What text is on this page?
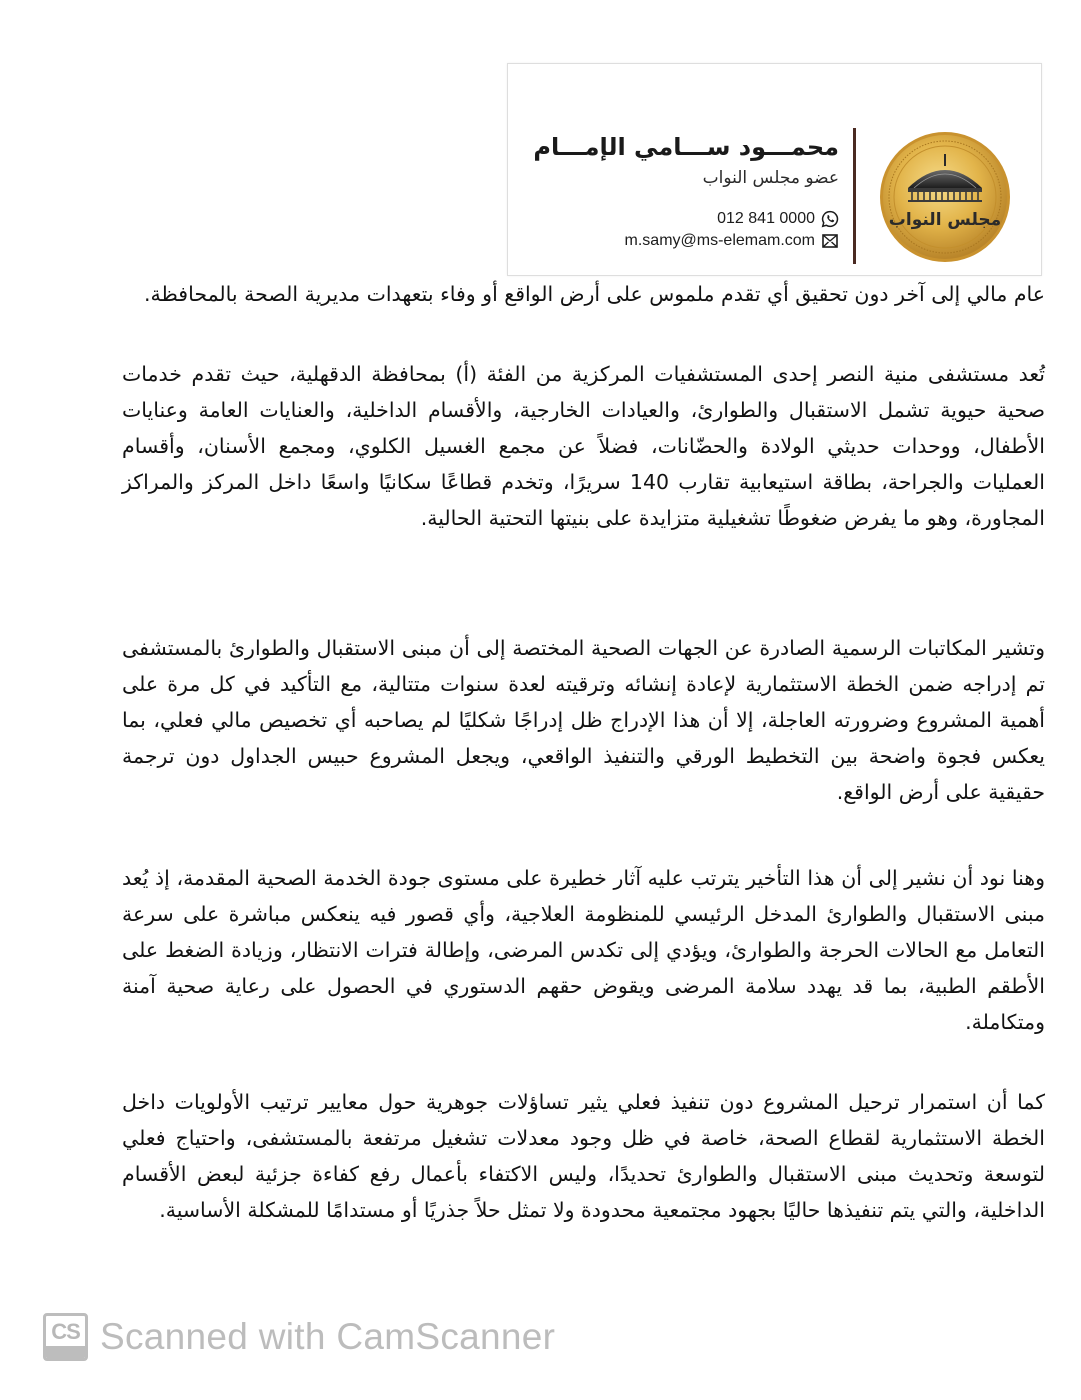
محمـــود ســـامي الإمـــام
عضو مجلس النواب
012 841 0000
m.samy@ms-elemam.com
مجلس النواب
عام مالي إلى آخر دون تحقيق أي تقدم ملموس على أرض الواقع أو وفاء بتعهدات مديرية الصحة بالمحافظة.
تُعد مستشفى منية النصر إحدى المستشفيات المركزية من الفئة (أ) بمحافظة الدقهلية، حيث تقدم خدمات صحية حيوية تشمل الاستقبال والطوارئ، والعيادات الخارجية، والأقسام الداخلية، والعنايات العامة وعنايات الأطفال، ووحدات حديثي الولادة والحضّانات، فضلاً عن مجمع الغسيل الكلوي، ومجمع الأسنان، وأقسام العمليات والجراحة، بطاقة استيعابية تقارب 140 سريرًا، وتخدم قطاعًا سكانيًا واسعًا داخل المركز والمراكز المجاورة، وهو ما يفرض ضغوطًا تشغيلية متزايدة على بنيتها التحتية الحالية.
وتشير المكاتبات الرسمية الصادرة عن الجهات الصحية المختصة إلى أن مبنى الاستقبال والطوارئ بالمستشفى تم إدراجه ضمن الخطة الاستثمارية لإعادة إنشائه وترقيته لعدة سنوات متتالية، مع التأكيد في كل مرة على أهمية المشروع وضرورته العاجلة، إلا أن هذا الإدراج ظل إدراجًا شكليًا لم يصاحبه أي تخصيص مالي فعلي، بما يعكس فجوة واضحة بين التخطيط الورقي والتنفيذ الواقعي، ويجعل المشروع حبيس الجداول دون ترجمة حقيقية على أرض الواقع.
وهنا نود أن نشير إلى أن هذا التأخير يترتب عليه آثار خطيرة على مستوى جودة الخدمة الصحية المقدمة، إذ يُعد مبنى الاستقبال والطوارئ المدخل الرئيسي للمنظومة العلاجية، وأي قصور فيه ينعكس مباشرة على سرعة التعامل مع الحالات الحرجة والطوارئ، ويؤدي إلى تكدس المرضى، وإطالة فترات الانتظار، وزيادة الضغط على الأطقم الطبية، بما قد يهدد سلامة المرضى ويقوض حقهم الدستوري في الحصول على رعاية صحية آمنة ومتكاملة.
كما أن استمرار ترحيل المشروع دون تنفيذ فعلي يثير تساؤلات جوهرية حول معايير ترتيب الأولويات داخل الخطة الاستثمارية لقطاع الصحة، خاصة في ظل وجود معدلات تشغيل مرتفعة بالمستشفى، واحتياج فعلي لتوسعة وتحديث مبنى الاستقبال والطوارئ تحديدًا، وليس الاكتفاء بأعمال رفع كفاءة جزئية لبعض الأقسام الداخلية، والتي يتم تنفيذها حاليًا بجهود مجتمعية محدودة ولا تمثل حلاً جذريًا أو مستدامًا للمشكلة الأساسية.
CS Scanned with CamScanner
